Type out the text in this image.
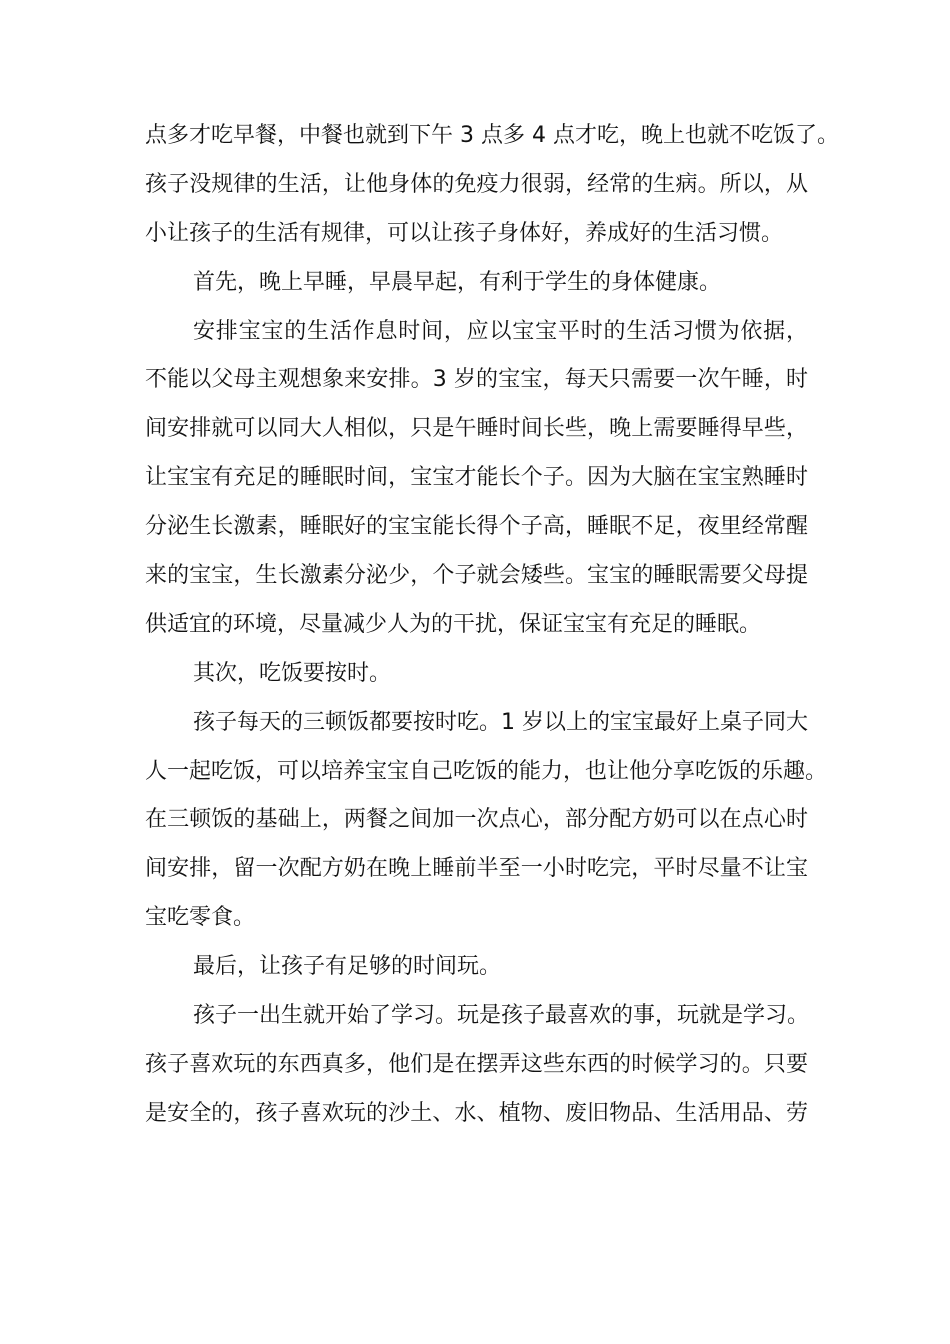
点多才吃早餐，中餐也就到下午 3 点多 4 点才吃，晚上也就不吃饭了。
孩子没规律的生活，让他身体的免疫力很弱，经常的生病。所以，从
小让孩子的生活有规律，可以让孩子身体好，养成好的生活习惯。
首先，晚上早睡，早晨早起，有利于学生的身体健康。
安排宝宝的生活作息时间，应以宝宝平时的生活习惯为依据，
不能以父母主观想象来安排。3 岁的宝宝，每天只需要一次午睡，时
间安排就可以同大人相似，只是午睡时间长些，晚上需要睡得早些，
让宝宝有充足的睡眠时间，宝宝才能长个子。因为大脑在宝宝熟睡时
分泌生长激素，睡眠好的宝宝能长得个子高，睡眠不足，夜里经常醒
来的宝宝，生长激素分泌少，个子就会矮些。宝宝的睡眠需要父母提
供适宜的环境，尽量减少人为的干扰，保证宝宝有充足的睡眠。
其次，吃饭要按时。
孩子每天的三顿饭都要按时吃。1 岁以上的宝宝最好上桌子同大
人一起吃饭，可以培养宝宝自己吃饭的能力，也让他分享吃饭的乐趣。
在三顿饭的基础上，两餐之间加一次点心，部分配方奶可以在点心时
间安排，留一次配方奶在晚上睡前半至一小时吃完，平时尽量不让宝
宝吃零食。
最后，让孩子有足够的时间玩。
孩子一出生就开始了学习。玩是孩子最喜欢的事，玩就是学习。
孩子喜欢玩的东西真多，他们是在摆弄这些东西的时候学习的。只要
是安全的，孩子喜欢玩的沙土、水、植物、废旧物品、生活用品、劳
